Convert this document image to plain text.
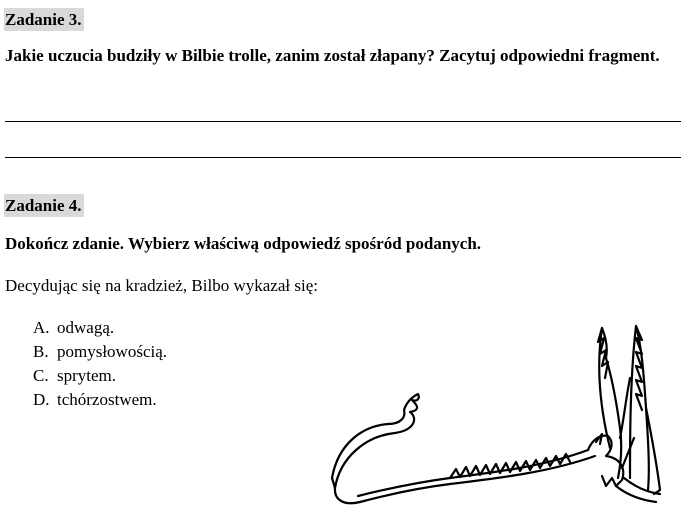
Zadanie 3.

Jakie uczucia budziły w Bilbie trolle, zanim został złapany? Zacytuj odpowiedni fragment.

Zadanie 4.

Dokończ zdanie. Wybierz właściwą odpowiedź spośród podanych.

Decydując się na kradzież, Bilbo wykazał się:
A. odwagą.
B. pomysłowością.
C. sprytem.
D. tchórzostwem.
